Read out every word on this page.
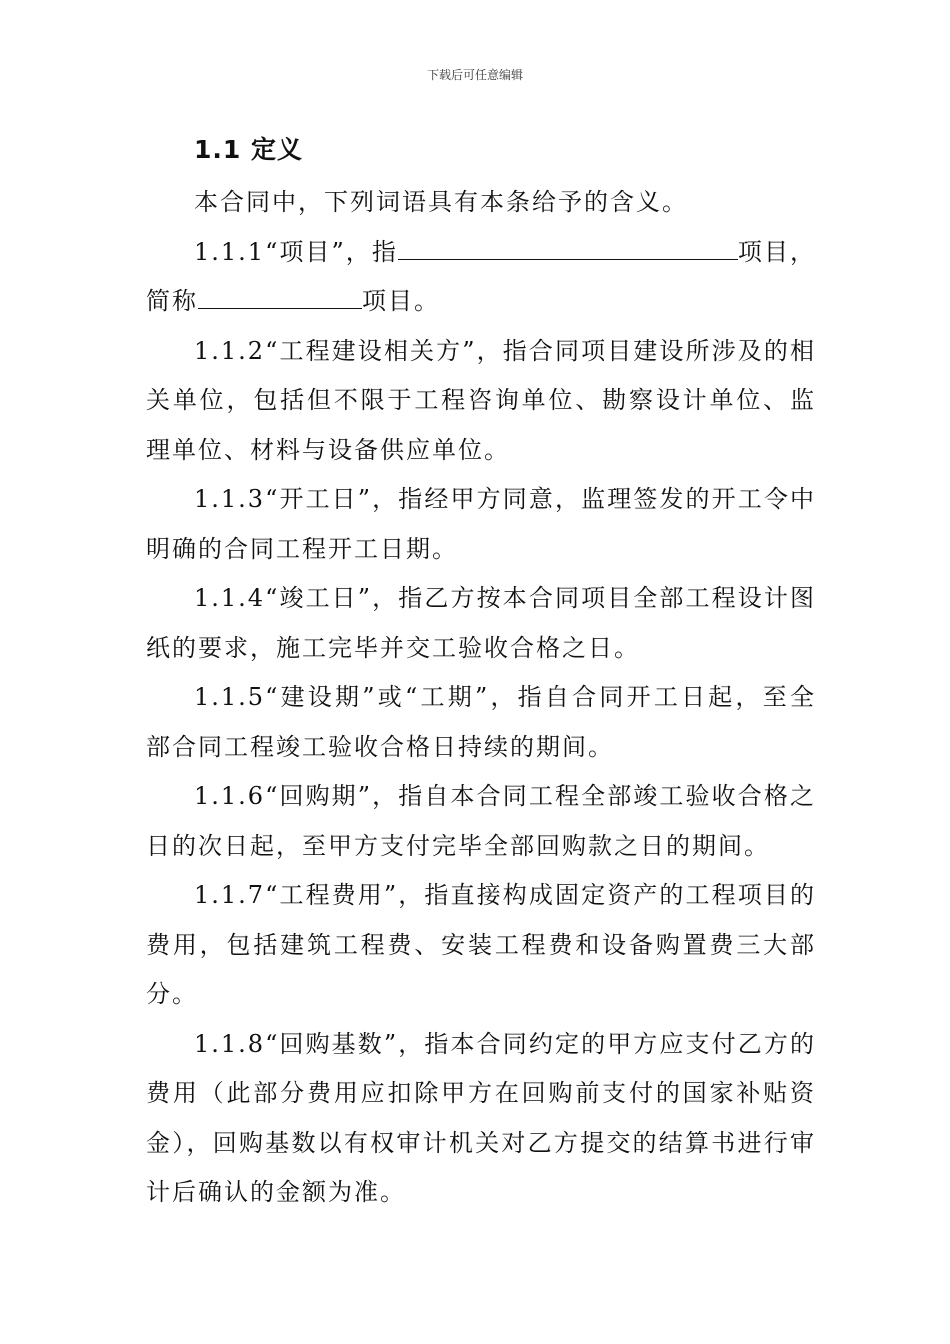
下载后可任意编辑
1.1 定义

本合同中，下列词语具有本条给予的含义。

1.1.1“项目”，指	项目，简称	项目。

1.1.2“工程建设相关方”，指合同项目建设所涉及的相关单位，包括但不限于工程咨询单位、勘察设计单位、监理单位、材料与设备供应单位。

1.1.3“开工日”，指经甲方同意，监理签发的开工令中明确的合同工程开工日期。

1.1.4“竣工日”，指乙方按本合同项目全部工程设计图纸的要求，施工完毕并交工验收合格之日。

1.1.5“建设期”或“工期”，指自合同开工日起，至全部合同工程竣工验收合格日持续的期间。

1.1.6“回购期”，指自本合同工程全部竣工验收合格之日的次日起，至甲方支付完毕全部回购款之日的期间。

1.1.7“工程费用”，指直接构成固定资产的工程项目的费用，包括建筑工程费、安装工程费和设备购置费三大部分。

1.1.8“回购基数”，指本合同约定的甲方应支付乙方的费用（此部分费用应扣除甲方在回购前支付的国家补贴资金），回购基数以有权审计机关对乙方提交的结算书进行审计后确认的金额为准。
